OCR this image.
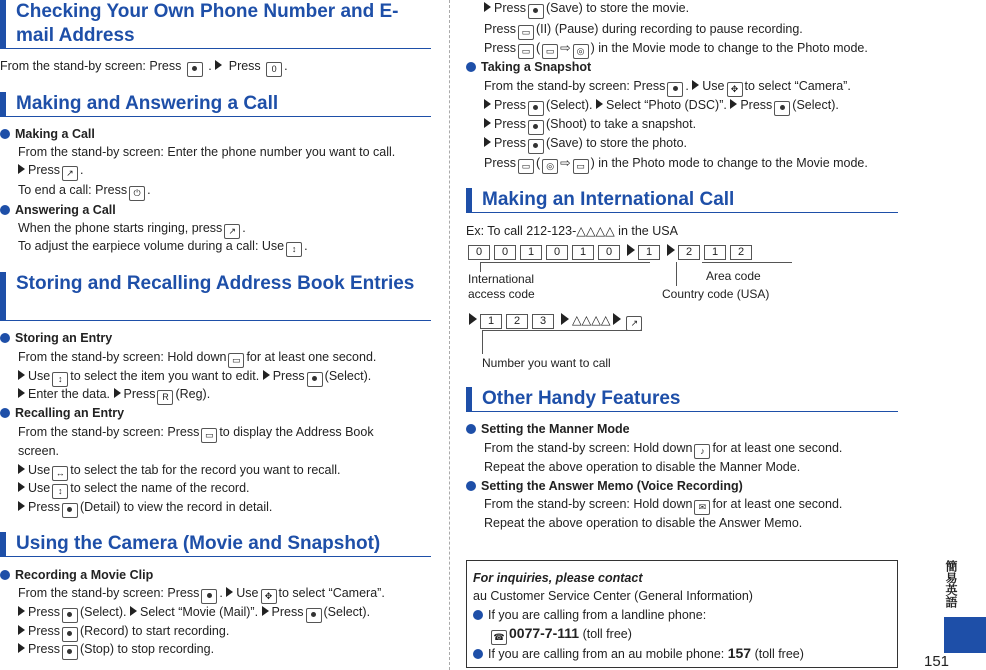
Checking Your Own Phone Number and E-mail Address
From the stand-by screen: Press .  Press 0 .
Making and Answering a Call
Making a Call
From the stand-by screen: Enter the phone number you want to call.
Press ↗ .
To end a call: Press ⏻ .
Answering a Call
When the phone starts ringing, press ↗ .
To adjust the earpiece volume during a call: Use ↕ .
Storing and Recalling Address Book Entries
Storing an Entry
From the stand-by screen: Hold down ▭ for at least one second.
Use ↕ to select the item you want to edit. Press (Select).
Enter the data. Press R (Reg).
Recalling an Entry
From the stand-by screen: Press ▭ to display the Address Book
screen.
Use ↔ to select the tab for the record you want to recall.
Use ↕ to select the name of the record.
Press (Detail) to view the record in detail.
Using the Camera (Movie and Snapshot)
Recording a Movie Clip
From the stand-by screen: Press . Use ✥ to select “Camera”.
Press (Select). Select “Movie (Mail)”. Press (Select).
Press (Record) to start recording.
Press (Stop) to stop recording.
Press (Save) to store the movie.
Press ▭ (II) (Pause) during recording to pause recording.
Press ▭ ( ▭ ⇨ ◎ ) in the Movie mode to change to the Photo mode.
Taking a Snapshot
From the stand-by screen: Press . Use ✥ to select “Camera”.
Press (Select). Select “Photo (DSC)”. Press (Select).
Press (Shoot) to take a snapshot.
Press (Save) to store the photo.
Press ▭ ( ◎ ⇨ ▭ ) in the Photo mode to change to the Movie mode.
Making an International Call
Ex: To call 212-123-△△△△ in the USA
0 0 1 0 1 0	1	2 1 2
International
access code
Area code
Country code (USA)
1 2 3 △△△△ ↗
Number you want to call
Other Handy Features
Setting the Manner Mode
From the stand-by screen: Hold down ♪ for at least one second.
Repeat the above operation to disable the Manner Mode.
Setting the Answer Memo (Voice Recording)
From the stand-by screen: Hold down ✉ for at least one second.
Repeat the above operation to disable the Answer Memo.
For inquiries, please contact
au Customer Service Center (General Information)
If you are calling from a landline phone:
☎ 0077-7-111 (toll free)
If you are calling from an au mobile phone: 157 (toll free)
簡易英語
151
